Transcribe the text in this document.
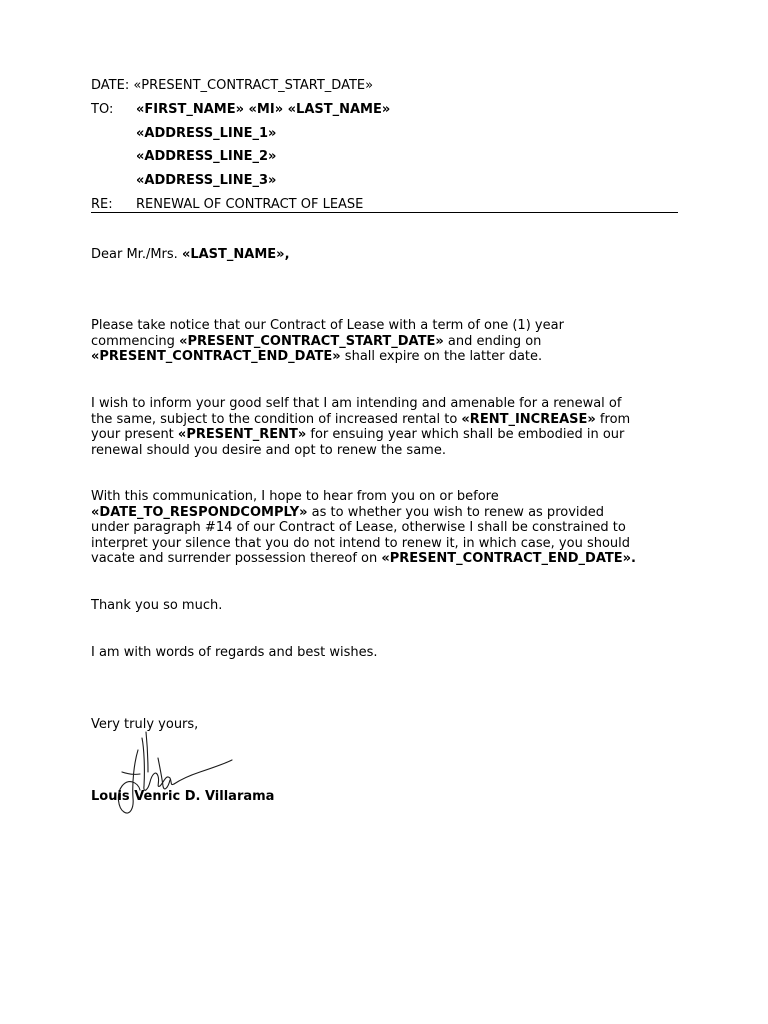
DATE: «PRESENT_CONTRACT_START_DATE»
TO: «FIRST_NAME» «MI» «LAST_NAME»
«ADDRESS_LINE_1»
«ADDRESS_LINE_2»
«ADDRESS_LINE_3»
RE: RENEWAL OF CONTRACT OF LEASE
Dear Mr./Mrs. «LAST_NAME»,
Please take notice that our Contract of Lease with a term of one (1) year
commencing «PRESENT_CONTRACT_START_DATE» and ending on
«PRESENT_CONTRACT_END_DATE» shall expire on the latter date.
I wish to inform your good self that I am intending and amenable for a renewal of
the same, subject to the condition of increased rental to «RENT_INCREASE» from
your present «PRESENT_RENT» for ensuing year which shall be embodied in our
renewal should you desire and opt to renew the same.
With this communication, I hope to hear from you on or before
«DATE_TO_RESPONDCOMPLY» as to whether you wish to renew as provided
under paragraph #14 of our Contract of Lease, otherwise I shall be constrained to
interpret your silence that you do not intend to renew it, in which case, you should
vacate and surrender possession thereof on «PRESENT_CONTRACT_END_DATE».
Thank you so much.
I am with words of regards and best wishes.
Very truly yours,
Louis Venric D. Villarama
